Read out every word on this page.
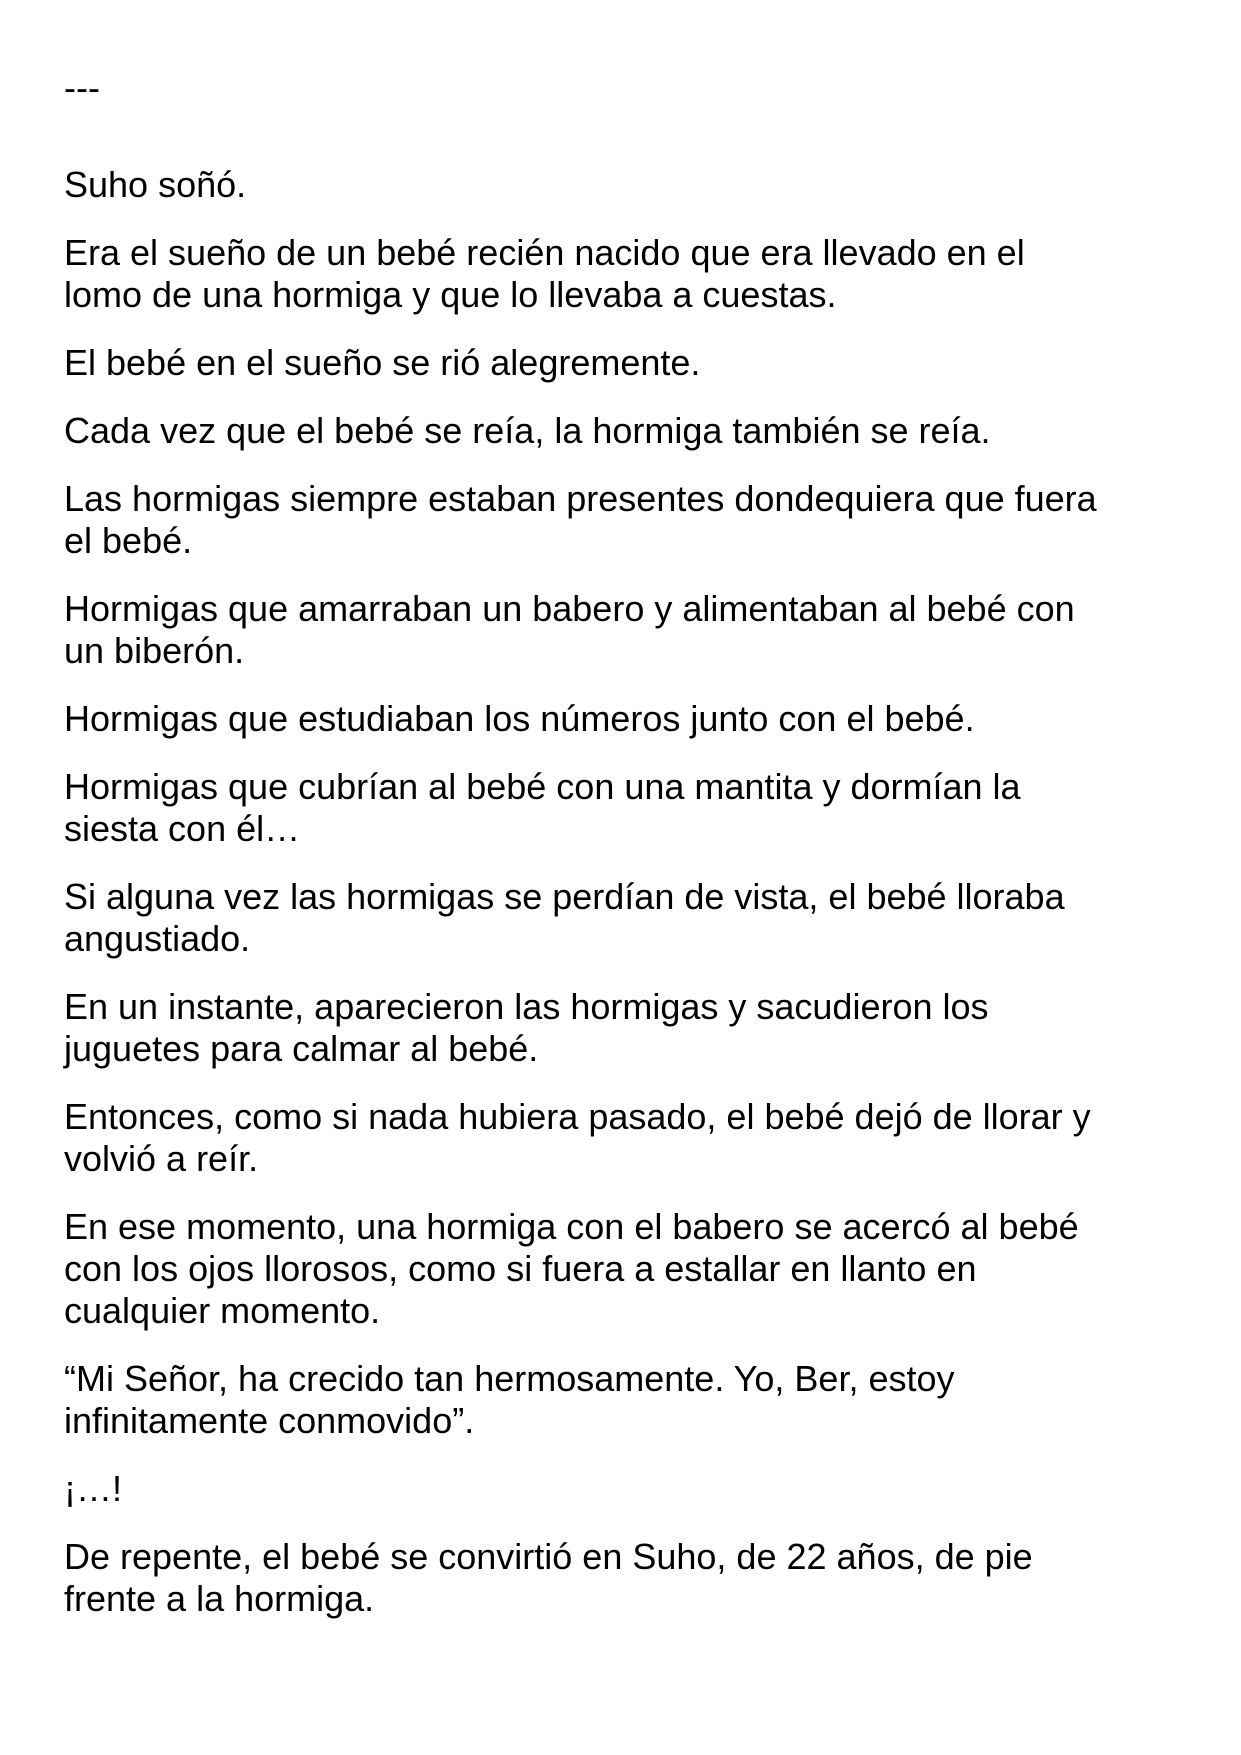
---

Suho soñó.

Era el sueño de un bebé recién nacido que era llevado en el
lomo de una hormiga y que lo llevaba a cuestas.

El bebé en el sueño se rió alegremente.

Cada vez que el bebé se reía, la hormiga también se reía.

Las hormigas siempre estaban presentes dondequiera que fuera
el bebé.

Hormigas que amarraban un babero y alimentaban al bebé con
un biberón.

Hormigas que estudiaban los números junto con el bebé.

Hormigas que cubrían al bebé con una mantita y dormían la
siesta con él…

Si alguna vez las hormigas se perdían de vista, el bebé lloraba
angustiado.

En un instante, aparecieron las hormigas y sacudieron los
juguetes para calmar al bebé.

Entonces, como si nada hubiera pasado, el bebé dejó de llorar y
volvió a reír.

En ese momento, una hormiga con el babero se acercó al bebé
con los ojos llorosos, como si fuera a estallar en llanto en
cualquier momento.

“Mi Señor, ha crecido tan hermosamente. Yo, Ber, estoy
infinitamente conmovido”.

¡…!

De repente, el bebé se convirtió en Suho, de 22 años, de pie
frente a la hormiga.
